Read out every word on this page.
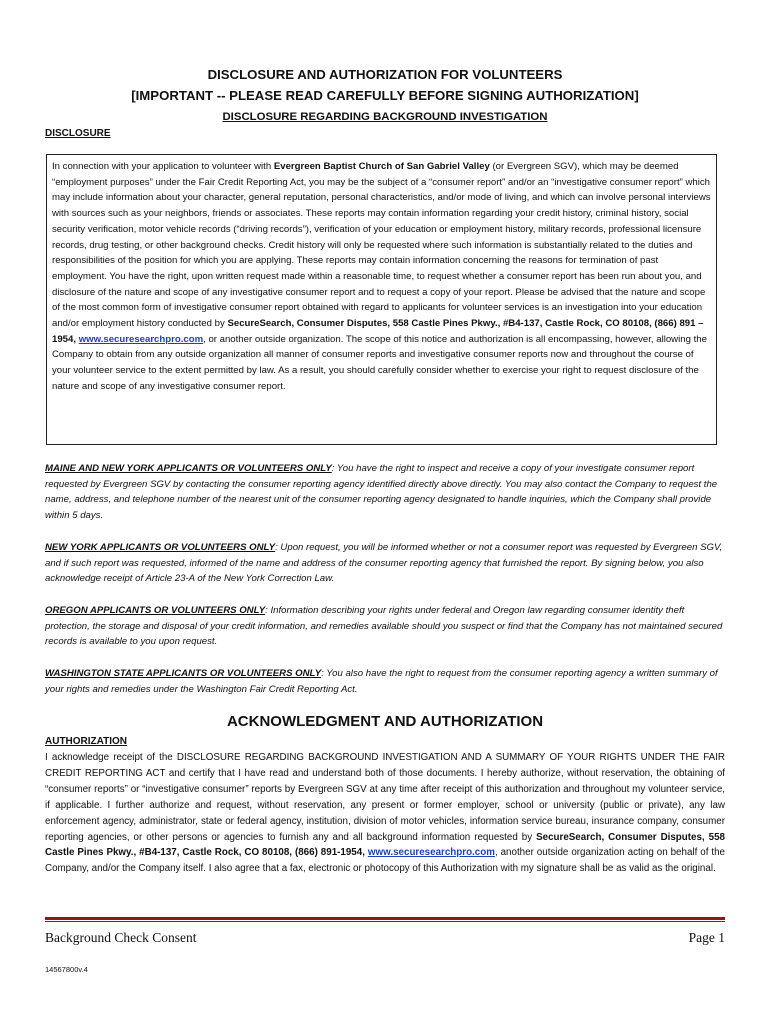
DISCLOSURE AND AUTHORIZATION FOR VOLUNTEERS
[IMPORTANT -- PLEASE READ CAREFULLY BEFORE SIGNING AUTHORIZATION]
DISCLOSURE REGARDING BACKGROUND INVESTIGATION
DISCLOSURE

In connection with your application to volunteer with Evergreen Baptist Church of San Gabriel Valley (or Evergreen SGV), which may be deemed “employment purposes” under the Fair Credit Reporting Act, you may be the subject of a “consumer report” and/or an “investigative consumer report” which may include information about your character, general reputation, personal characteristics, and/or mode of living, and which can involve personal interviews with sources such as your neighbors, friends or associates. These reports may contain information regarding your credit history, criminal history, social security verification, motor vehicle records (“driving records”), verification of your education or employment history, military records, professional licensure records, drug testing, or other background checks. Credit history will only be requested where such information is substantially related to the duties and responsibilities of the position for which you are applying. These reports may contain information concerning the reasons for termination of past employment. You have the right, upon written request made within a reasonable time, to request whether a consumer report has been run about you, and disclosure of the nature and scope of any investigative consumer report and to request a copy of your report. Please be advised that the nature and scope of the most common form of investigative consumer report obtained with regard to applicants for volunteer services is an investigation into your education and/or employment history conducted by SecureSearch, Consumer Disputes, 558 Castle Pines Pkwy., #B4-137, Castle Rock, CO 80108, (866) 891 – 1954, www.securesearchpro.com, or another outside organization. The scope of this notice and authorization is all encompassing, however, allowing the Company to obtain from any outside organization all manner of consumer reports and investigative consumer reports now and throughout the course of your volunteer service to the extent permitted by law. As a result, you should carefully consider whether to exercise your right to request disclosure of the nature and scope of any investigative consumer report.

MAINE AND NEW YORK APPLICANTS OR VOLUNTEERS ONLY: You have the right to inspect and receive a copy of your investigate consumer report requested by Evergreen SGV by contacting the consumer reporting agency identified directly above directly. You may also contact the Company to request the name, address, and telephone number of the nearest unit of the consumer reporting agency designated to handle inquiries, which the Company shall provide within 5 days.

NEW YORK APPLICANTS OR VOLUNTEERS ONLY: Upon request, you will be informed whether or not a consumer report was requested by Evergreen SGV, and if such report was requested, informed of the name and address of the consumer reporting agency that furnished the report. By signing below, you also acknowledge receipt of Article 23-A of the New York Correction Law.

OREGON APPLICANTS OR VOLUNTEERS ONLY: Information describing your rights under federal and Oregon law regarding consumer identity theft protection, the storage and disposal of your credit information, and remedies available should you suspect or find that the Company has not maintained secured records is available to you upon request.

WASHINGTON STATE APPLICANTS OR VOLUNTEERS ONLY: You also have the right to request from the consumer reporting agency a written summary of your rights and remedies under the Washington Fair Credit Reporting Act.

ACKNOWLEDGMENT AND AUTHORIZATION
AUTHORIZATION

I acknowledge receipt of the DISCLOSURE REGARDING BACKGROUND INVESTIGATION AND A SUMMARY OF YOUR RIGHTS UNDER THE FAIR CREDIT REPORTING ACT and certify that I have read and understand both of those documents. I hereby authorize, without reservation, the obtaining of “consumer reports” or “investigative consumer” reports by Evergreen SGV at any time after receipt of this authorization and throughout my volunteer service, if applicable. I further authorize and request, without reservation, any present or former employer, school or university (public or private), any law enforcement agency, administrator, state or federal agency, institution, division of motor vehicles, information service bureau, insurance company, consumer reporting agencies, or other persons or agencies to furnish any and all background information requested by SecureSearch, Consumer Disputes, 558 Castle Pines Pkwy., #B4-137, Castle Rock, CO 80108, (866) 891-1954, www.securesearchpro.com, another outside organization acting on behalf of the Company, and/or the Company itself. I also agree that a fax, electronic or photocopy of this Authorization with my signature shall be as valid as the original.

Background Check Consent	Page 1
14567800v.4
